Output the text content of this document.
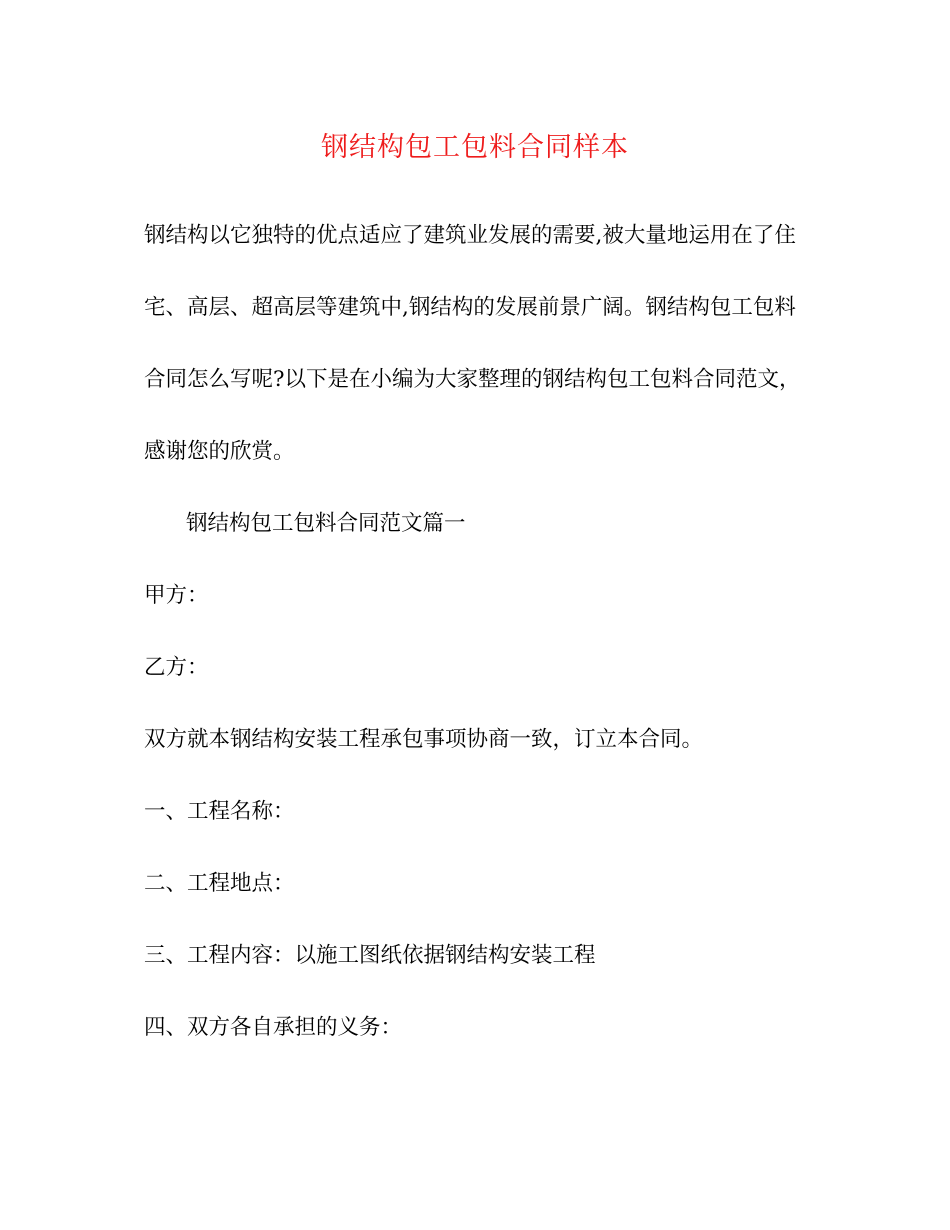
钢结构包工包料合同样本
钢结构以它独特的优点适应了建筑业发展的需要,被大量地运用在了住
宅、高层、超高层等建筑中,钢结构的发展前景广阔。钢结构包工包料
合同怎么写呢?以下是在小编为大家整理的钢结构包工包料合同范文，
感谢您的欣赏。
钢结构包工包料合同范文篇一
甲方：
乙方：
双方就本钢结构安装工程承包事项协商一致，订立本合同。
一、工程名称：
二、工程地点：
三、工程内容：以施工图纸依据钢结构安装工程
四、双方各自承担的义务：
